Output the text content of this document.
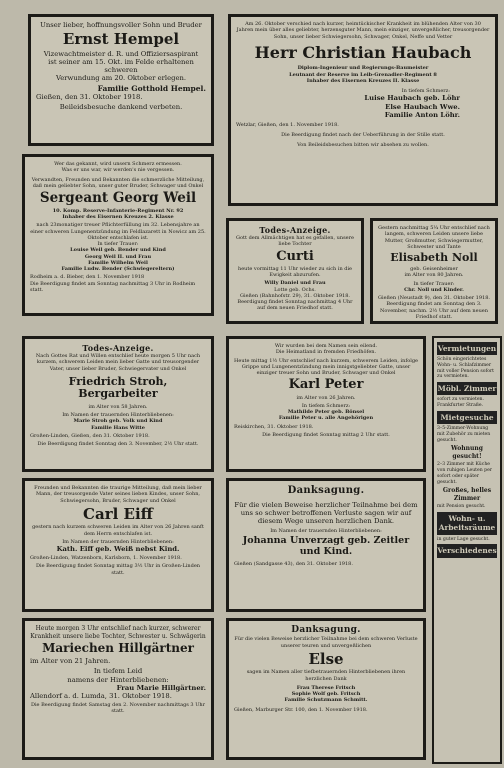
Unser lieber, hoffnungsvoller Sohn und Bruder
Ernst Hempel
Vizewachtmeister d. R. und Offiziersaspirant
ist seiner am 15. Okt. im Felde erhaltenen schweren
Verwundung am 20. Oktober erlegen.
Familie Gotthold Hempel.
Gießen, den 31. Oktober 1918.
Beileidsbesuche dankend verbeten.
Am 26. Oktober verschied nach kurzer, heimtückischer Krankheit im blühenden Alter von 30 Jahren mein über alles geliebter, herzensguter Mann, mein einziger, unvergeßlicher, treusorgender Sohn, unser lieber Schwiegersohn, Schwager, Onkel, Neffe und Vetter
Herr Christian Haubach
Diplom-Ingenieur und Regierungs-Baumeister
Leutnant der Reserve im Leib-Grenadier-Regiment 8
Inhaber des Eisernen Kreuzes II. Klasse
In tiefem Schmerz:
Luise Haubach geb. Löhr
Else Haubach Wwe.
Familie Anton Löhr.
Wetzlar, Gießen, den 1. November 1918.
Die Beerdigung findet nach der Ueberführung in der Stille statt.
Von Beileidsbesuchen bitten wir absehen zu wollen.
Wer das gekannt, wird unsern Schmerz ermessen.
Was er uns war, wir werden's nie vergessen.
Verwandten, Freunden und Bekannten die schmerzliche Mitteilung, daß mein geliebter Sohn, unser guter Bruder, Schwager und Onkel
Sergeant Georg Weil
10. Komp. Reserve-Infanterie-Regiment Nr. 92
Inhaber des Eisernen Kreuzes 2. Klasse
nach 23monatiger treuer Pflichterfüllung im 32. Lebensjahre an einer schweren Lungenentzündung im Feldlazarett in Nowicz am 25. Oktober entschlafen ist.
In tiefer Trauer:
Louise Weil geb. Bender und Kind
Georg Weil II. und Frau
Familie Wilhelm Weil
Familie Ludw. Bender (Schwiegereltern)
Rodheim a. d. Bieber, den 1. November 1918
Die Beerdigung findet am Sonntag nachmittag 3 Uhr in Rodheim statt.
Todes-Anzeige.
Gott dem Allmächtigen hat es gefallen, unsere liebe Tochter
Curti
heute vormittag 11 Uhr wieder zu sich in die Ewigkeit abzurufen.
Willy Daniel und Frau
Lotte geb. Ochs.
Gießen (Bahnhofstr. 29), 31. Oktober 1918.
Beerdigung findet Sonntag nachmittag 4 Uhr auf dem neuen Friedhof statt.
Gestern nachmittag 5¼ Uhr entschlief nach langem, schweren Leiden unsere liebe Mutter, Großmutter, Schwiegermutter, Schwester und Tante
Elisabeth Noll
geb. Geisenheimer
im Alter von 80 Jahren.
In tiefer Trauer:
Chr. Noll und Kinder.
Gießen (Neustadt 9), den 31. Oktober 1918.
Beerdigung findet am Sonntag den 3. November, nachm. 2½ Uhr auf dem neuen Friedhof statt.
Todes-Anzeige.
Nach Gottes Rat und Willen entschlief heute morgen 5 Uhr nach kurzem, schwerem Leiden mein lieber Gatte und treusorgender Vater, unser lieber Bruder, Schwiegervater und Onkel
Friedrich Stroh, Bergarbeiter
im Alter von 58 Jahren.
Im Namen der trauernden Hinterbliebenen:
Marie Stroh geb. Volk und Kind
Familie Hans Witte
Großen-Linden, Gießen, den 31. Oktober 1918.
Die Beerdigung findet Sonntag den 3. November, 2½ Uhr statt.
Wir wurden bei dem Namen sein eilend.
Die Heimatland in fremden Friedhöfen.
Heute mittag 1½ Uhr entschlief nach kurzem, schwerem Leiden, infolge Grippe und Lungenentzündung mein innigstgeliebter Gatte, unser einziger treuer Sohn und Bruder, Schwager und Onkel
Karl Peter
im Alter von 26 Jahren.
In tiefem Schmerz:
Mathilde Peter geb. Bönsel
Familie Peter u. alle Angehörigen
Reiskirchen, 31. Oktober 1918.
Die Beerdigung findet Sonntag mittag 2 Uhr statt.
Freunden und Bekannten die traurige Mitteilung, daß mein lieber Mann, der treusorgende Vater seines lieben Kindes, unser Sohn, Schwiegersohn, Bruder, Schwager und Onkel
Carl Eiff
gestern nach kurzem schweren Leiden im Alter von 26 Jahren sanft dem Herrn entschlafen ist.
Im Namen der trauernden Hinterbliebenen:
Kath. Eiff geb. Weiß nebst Kind.
Großen-Linden, Watzenborn, Karlsborn, 1. November 1918.
Die Beerdigung findet Sonntag mittag 3½ Uhr in Großen-Linden statt.
Danksagung.
Für die vielen Beweise herzlicher Teilnahme bei dem uns so schwer betroffenen Verluste sagen wir auf diesem Wege unseren herzlichen Dank.
Im Namen der trauernden Hinterbliebenen:
Johanna Unverzagt geb. Zeitler und Kind.
Gießen (Sandgasse 43), den 31. Oktober 1918.
Heute morgen 3 Uhr entschlief nach kurzer, schwerer Krankheit unsere liebe Tochter, Schwester u. Schwägerin
Mariechen Hillgärtner
im Alter von 21 Jahren.
In tiefem Leid
namens der Hinterbliebenen:
Frau Marie Hillgärtner.
Allendorf a. d. Lumda, 31. Oktober 1918.
Die Beerdigung findet Samstag den 2. November nachmittags 3 Uhr statt.
Danksagung.
Für die vielen Beweise herzlicher Teilnahme bei dem schweren Verluste unserer teuren und unvergeßlichen
Else
sagen im Namen aller tiefbetrauernden Hinterbliebenen ihren herzlichen Dank
Frau Therese Fritsch
Sophie Wolf geb. Fritsch
Familie Schutzmann Schmitt.
Gießen, Marburger Str. 100, den 1. November 1918.
Vermietungen

Schön eingerichtetes Wohn- u. Schlafzimmer mit voller Pension sofort zu vermieten.

Möbl. Zimmer

sofort zu vermieten. Frankfurter Straße.

Mietgesuche

3–5-Zimmer-Wohnung mit Zubehör zu mieten gesucht.

Wohnung gesucht!

2–3 Zimmer mit Küche von ruhigen Leuten per sofort oder später gesucht.

Großes, helles Zimmer

mit Pension gesucht.

Wohn- u. Arbeitsräume

in guter Lage gesucht.

Verschiedenes
